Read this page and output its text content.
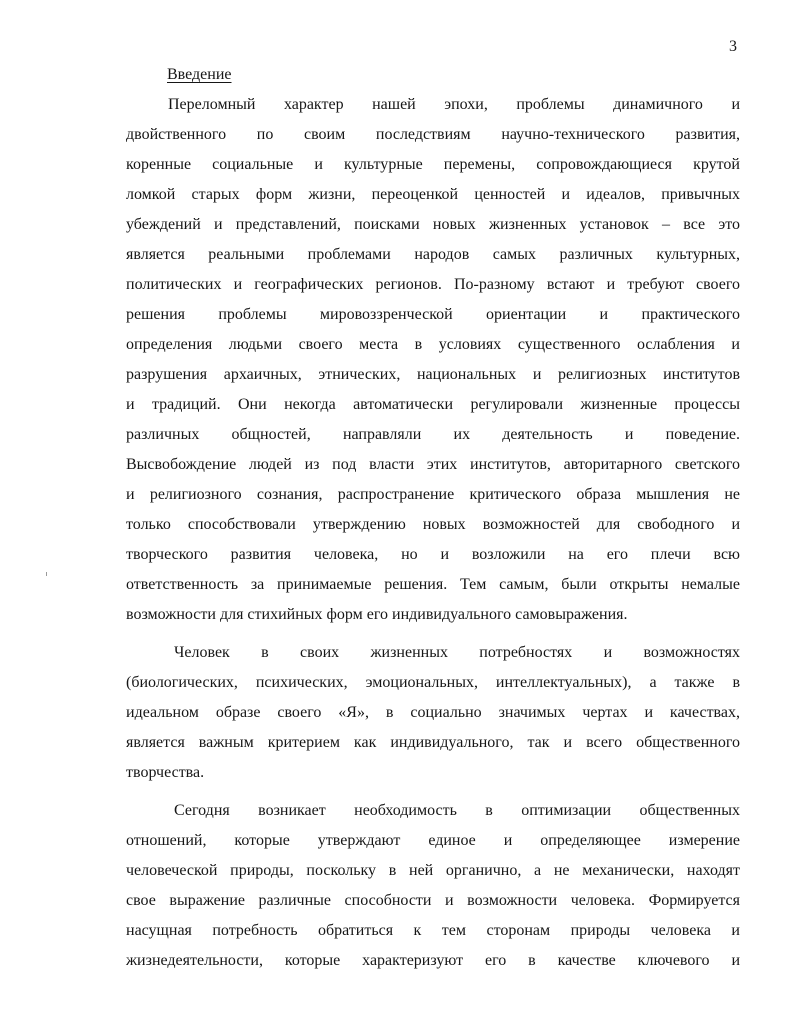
3
Введение

Переломный характер нашей эпохи, проблемы динамичного и
двойственного по своим последствиям научно-технического развития,
коренные социальные и культурные перемены, сопровождающиеся крутой
ломкой старых форм жизни, переоценкой ценностей и идеалов, привычных
убеждений и представлений, поисками новых жизненных установок – все это
является реальными проблемами народов самых различных культурных,
политических и географических регионов. По-разному встают и требуют своего
решения проблемы мировоззренческой ориентации и практического
определения людьми своего места в условиях существенного ослабления и
разрушения архаичных, этнических, национальных и религиозных институтов
и традиций. Они некогда автоматически регулировали жизненные процессы
различных общностей, направляли их деятельность и поведение.
Высвобождение людей из под власти этих институтов, авторитарного светского
и религиозного сознания, распространение критического образа мышления не
только способствовали утверждению новых возможностей для свободного и
творческого развития человека, но и возложили на его плечи всю
ответственность за принимаемые решения. Тем самым, были открыты немалые
возможности для стихийных форм его индивидуального самовыражения.

Человек в своих жизненных потребностях и возможностях
(биологических, психических, эмоциональных, интеллектуальных), а также в
идеальном образе своего «Я», в социально значимых чертах и качествах,
является важным критерием как индивидуального, так и всего общественного
творчества.

Сегодня возникает необходимость в оптимизации общественных
отношений, которые утверждают единое и определяющее измерение
человеческой природы, поскольку в ней органично, а не механически, находят
свое выражение различные способности и возможности человека. Формируется
насущная потребность обратиться к тем сторонам природы человека и
жизнедеятельности, которые характеризуют его в качестве ключевого и
